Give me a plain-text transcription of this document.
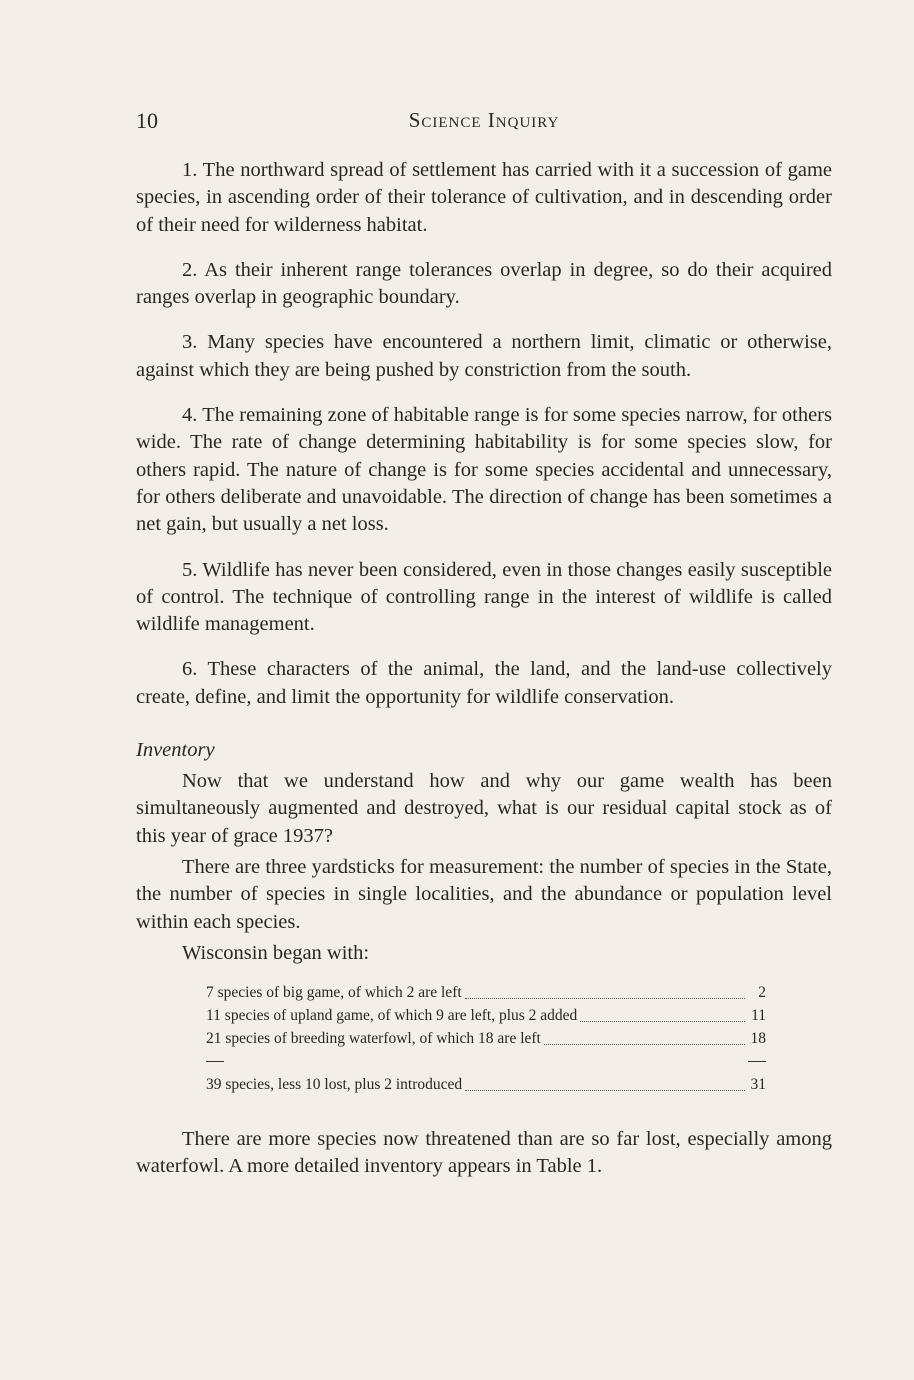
10	Science Inquiry

1. The northward spread of settlement has carried with it a succession of game species, in ascending order of their tolerance of cultivation, and in descending order of their need for wilderness habitat.

2. As their inherent range tolerances overlap in degree, so do their acquired ranges overlap in geographic boundary.

3. Many species have encountered a northern limit, climatic or otherwise, against which they are being pushed by constriction from the south.

4. The remaining zone of habitable range is for some species narrow, for others wide. The rate of change determining habitability is for some species slow, for others rapid. The nature of change is for some species accidental and unnecessary, for others deliberate and unavoidable. The direction of change has been sometimes a net gain, but usually a net loss.

5. Wildlife has never been considered, even in those changes easily susceptible of control. The technique of controlling range in the interest of wildlife is called wildlife management.

6. These characters of the animal, the land, and the land-use collectively create, define, and limit the opportunity for wildlife conservation.

Inventory

Now that we understand how and why our game wealth has been simultaneously augmented and destroyed, what is our residual capital stock as of this year of grace 1937?

There are three yardsticks for measurement: the number of species in the State, the number of species in single localities, and the abundance or population level within each species.

Wisconsin began with:

7 species of big game, of which 2 are left	2
11 species of upland game, of which 9 are left, plus 2 added	11
21 species of breeding waterfowl, of which 18 are left	18
39 species, less 10 lost, plus 2 introduced	31

There are more species now threatened than are so far lost, especially among waterfowl. A more detailed inventory appears in Table 1.
